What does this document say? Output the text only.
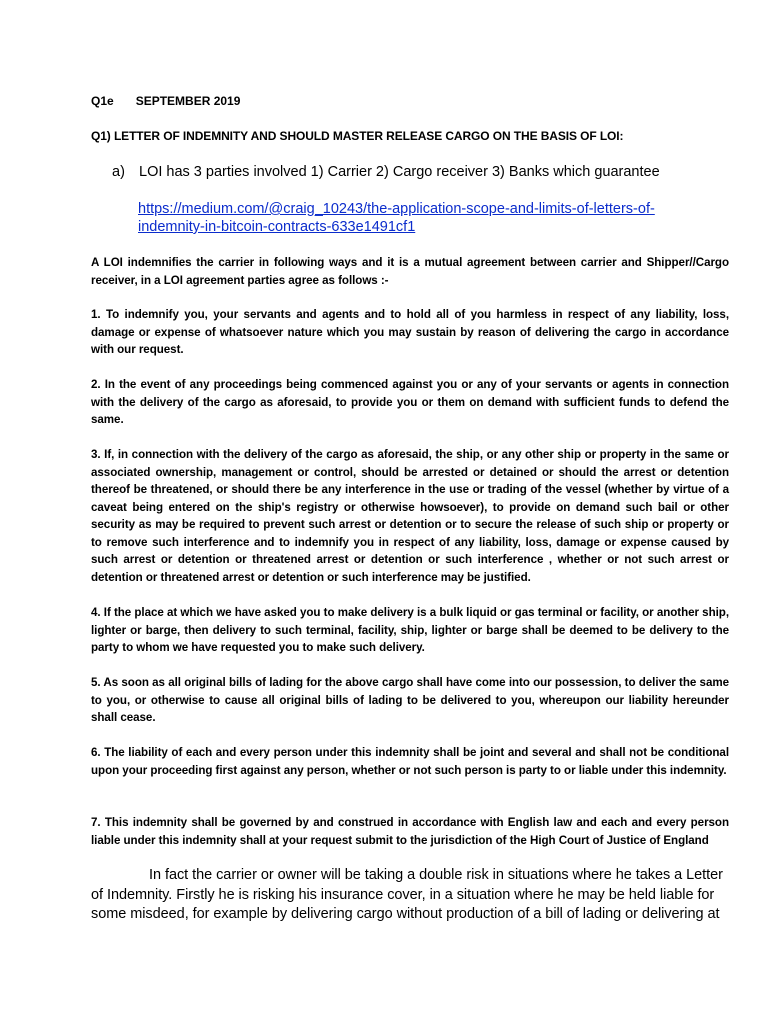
Q1e SEPTEMBER 2019
Q1) LETTER OF INDEMNITY AND SHOULD MASTER RELEASE CARGO ON THE BASIS OF LOI:
a) LOI has 3 parties involved 1) Carrier 2) Cargo receiver 3) Banks which guarantee
https://medium.com/@craig_10243/the-application-scope-and-limits-of-letters-of-
indemnity-in-bitcoin-contracts-633e1491cf1
A LOI indemnifies the carrier in following ways and it is a mutual agreement between carrier and Shipper//Cargo receiver, in a LOI agreement parties agree as follows :-
1. To indemnify you, your servants and agents and to hold all of you harmless in respect of any liability, loss, damage or expense of whatsoever nature which you may sustain by reason of delivering the cargo in accordance with our request.
2. In the event of any proceedings being commenced against you or any of your servants or agents in connection with the delivery of the cargo as aforesaid, to provide you or them on demand with sufficient funds to defend the same.
3. If, in connection with the delivery of the cargo as aforesaid, the ship, or any other ship or property in the same or associated ownership, management or control, should be arrested or detained or should the arrest or detention thereof be threatened, or should there be any interference in the use or trading of the vessel (whether by virtue of a caveat being entered on the ship's registry or otherwise howsoever), to provide on demand such bail or other security as may be required to prevent such arrest or detention or to secure the release of such ship or property or to remove such interference and to indemnify you in respect of any liability, loss, damage or expense caused by such arrest or detention or threatened arrest or detention or such interference , whether or not such arrest or detention or threatened arrest or detention or such interference may be justified.
4. If the place at which we have asked you to make delivery is a bulk liquid or gas terminal or facility, or another ship, lighter or barge, then delivery to such terminal, facility, ship, lighter or barge shall be deemed to be delivery to the party to whom we have requested you to make such delivery.
5. As soon as all original bills of lading for the above cargo shall have come into our possession, to deliver the same to you, or otherwise to cause all original bills of lading to be delivered to you, whereupon our liability hereunder shall cease.
6. The liability of each and every person under this indemnity shall be joint and several and shall not be conditional upon your proceeding first against any person, whether or not such person is party to or liable under this indemnity.
7. This indemnity shall be governed by and construed in accordance with English law and each and every person liable under this indemnity shall at your request submit to the jurisdiction of the High Court of Justice of England
In fact the carrier or owner will be taking a double risk in situations where he takes a Letter of Indemnity. Firstly he is risking his insurance cover, in a situation where he may be held liable for some misdeed, for example by delivering cargo without production of a bill of lading or delivering at
